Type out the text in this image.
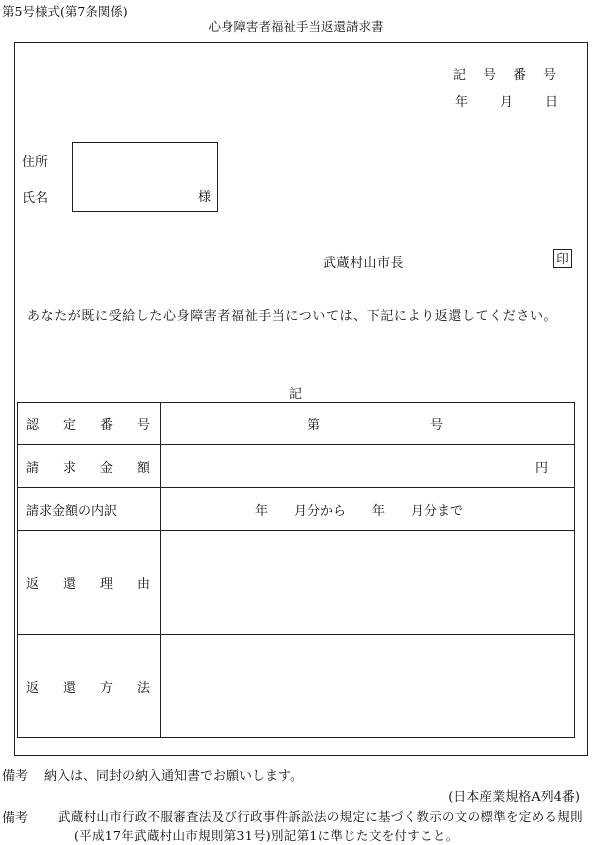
第5号様式(第7条関係)
心身障害者福祉手当返還請求書
記　号　番　号
年　　月　　日
住所
氏名	様
武蔵村山市長	印
あなたが既に受給した心身障害者福祉手当については、下記により返還してください。
記
認定番号	第 号
請求金額	円
請求金額の内訳	年　　月分から　　年　　月分まで
返還理由	
返還方法	
備考 納入は、同封の納入通知書でお願いします。
(日本産業規格A列4番)
備考 武蔵村山市行政不服審査法及び行政事件訴訟法の規定に基づく教示の文の標準を定める規則(平成17年武蔵村山市規則第31号)別記第1に準じた文を付すこと。
